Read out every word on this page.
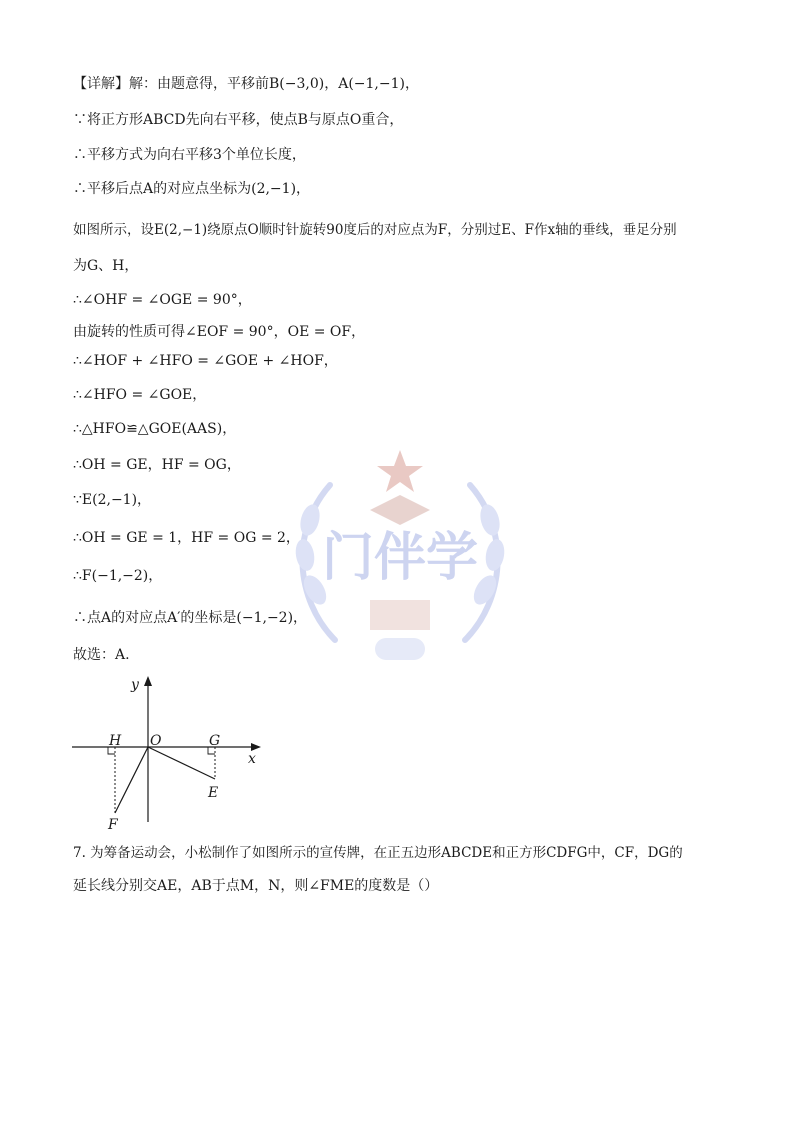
门伴学
【详解】解：由题意得，平移前B(−3,0)，A(−1,−1)，
∵将正方形ABCD先向右平移，使点B与原点O重合，
∴平移方式为向右平移3个单位长度，
∴平移后点A的对应点坐标为(2,−1)，
如图所示，设E(2,−1)绕原点O顺时针旋转90度后的对应点为F，分别过E、F作x轴的垂线，垂足分别
为G、H，
∴∠OHF = ∠OGE = 90°，
由旋转的性质可得∠EOF = 90°，OE = OF，
∴∠HOF + ∠HFO = ∠GOE + ∠HOF，
∴∠HFO = ∠GOE，
∴△HFO≌△GOE(AAS)，
∴OH = GE，HF = OG，
∵E(2,−1)，
∴OH = GE = 1，HF = OG = 2，
∴F(−1,−2)，
∴点A的对应点A′的坐标是(−1,−2)，
故选：A.
y
x
H O	G
E
F
7. 为筹备运动会，小松制作了如图所示的宣传牌，在正五边形ABCDE和正方形CDFG中，CF，DG的
延长线分别交AE，AB于点M，N，则∠FME的度数是（）
